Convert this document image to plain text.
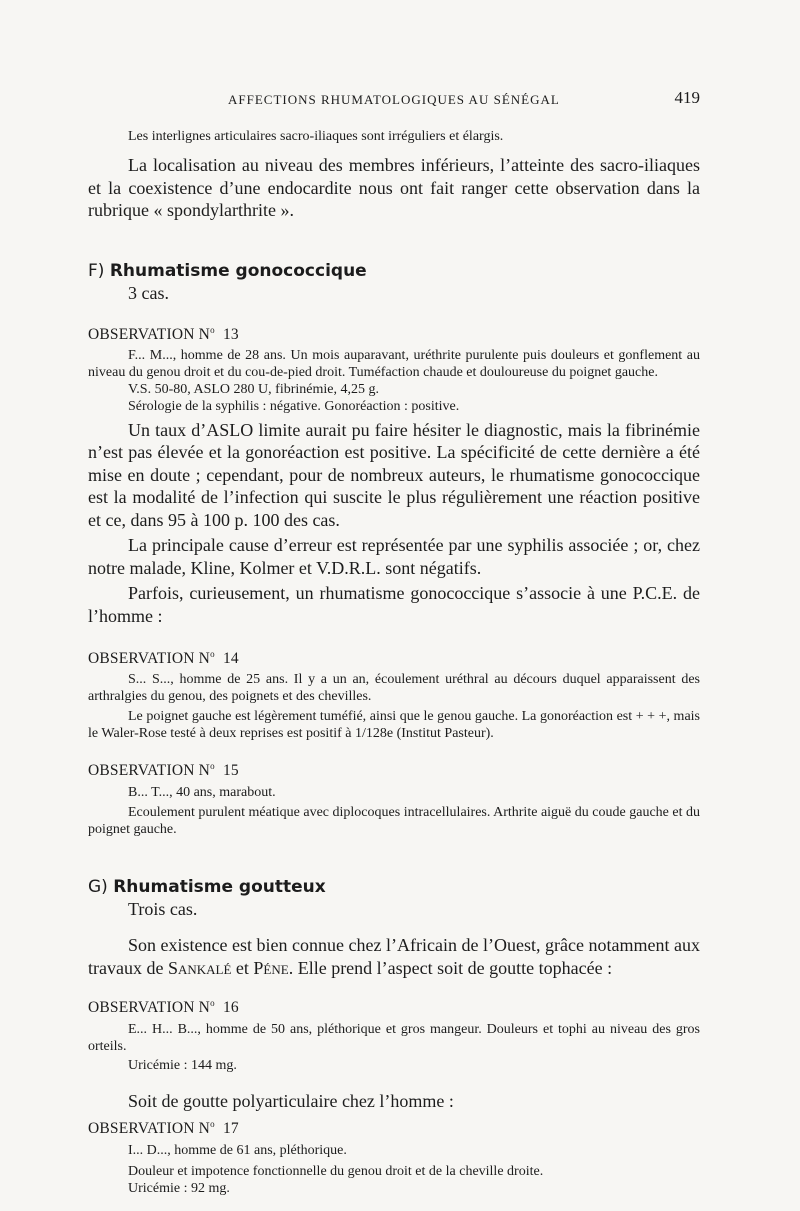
AFFECTIONS RHUMATOLOGIQUES AU SÉNÉGAL	419

Les interlignes articulaires sacro-iliaques sont irréguliers et élargis.

La localisation au niveau des membres inférieurs, l’atteinte des sacro-iliaques et la coexistence d’une endocardite nous ont fait ranger cette observation dans la rubrique « spondylarthrite ».

F) Rhumatisme gonococcique
3 cas.
OBSERVATION $N^o$ 13

F... M..., homme de 28 ans. Un mois auparavant, uréthrite purulente puis douleurs et gonflement au niveau du genou droit et du cou-de-pied droit. Tuméfaction chaude et douloureuse du poignet gauche.

V.S. 50-80, ASLO 280 U, fibrinémie, 4,25 g.

Sérologie de la syphilis : négative. Gonoréaction : positive.

Un taux d’ASLO limite aurait pu faire hésiter le diagnostic, mais la fibrinémie n’est pas élevée et la gonoréaction est positive. La spécificité de cette dernière a été mise en doute ; cependant, pour de nombreux auteurs, le rhumatisme gonococcique est la modalité de l’infection qui suscite le plus régulièrement une réaction positive et ce, dans 95 à 100 p. 100 des cas.

La principale cause d’erreur est représentée par une syphilis associée ; or, chez notre malade, Kline, Kolmer et V.D.R.L. sont négatifs.

Parfois, curieusement, un rhumatisme gonococcique s’associe à une P.C.E. de l’homme :

OBSERVATION $N^o$ 14

S... S..., homme de 25 ans. Il y a un an, écoulement uréthral au décours duquel apparaissent des arthralgies du genou, des poignets et des chevilles.

Le poignet gauche est légèrement tuméfié, ainsi que le genou gauche. La gonoréaction est + + +, mais le Waler-Rose testé à deux reprises est positif à 1/128e (Institut Pasteur).

OBSERVATION $N^o$ 15

B... T..., 40 ans, marabout.

Ecoulement purulent méatique avec diplocoques intracellulaires. Arthrite aiguë du coude gauche et du poignet gauche.

G) Rhumatisme goutteux
Trois cas.

Son existence est bien connue chez l’Africain de l’Ouest, grâce notamment aux travaux de Sankalé et Péne. Elle prend l’aspect soit de goutte tophacée :

OBSERVATION $N^o$ 16

E... H... B..., homme de 50 ans, pléthorique et gros mangeur. Douleurs et tophi au niveau des gros orteils.

Uricémie : 144 mg.

Soit de goutte polyarticulaire chez l’homme :

OBSERVATION $N^o$ 17

I... D..., homme de 61 ans, pléthorique.

Douleur et impotence fonctionnelle du genou droit et de la cheville droite.

Uricémie : 92 mg.
